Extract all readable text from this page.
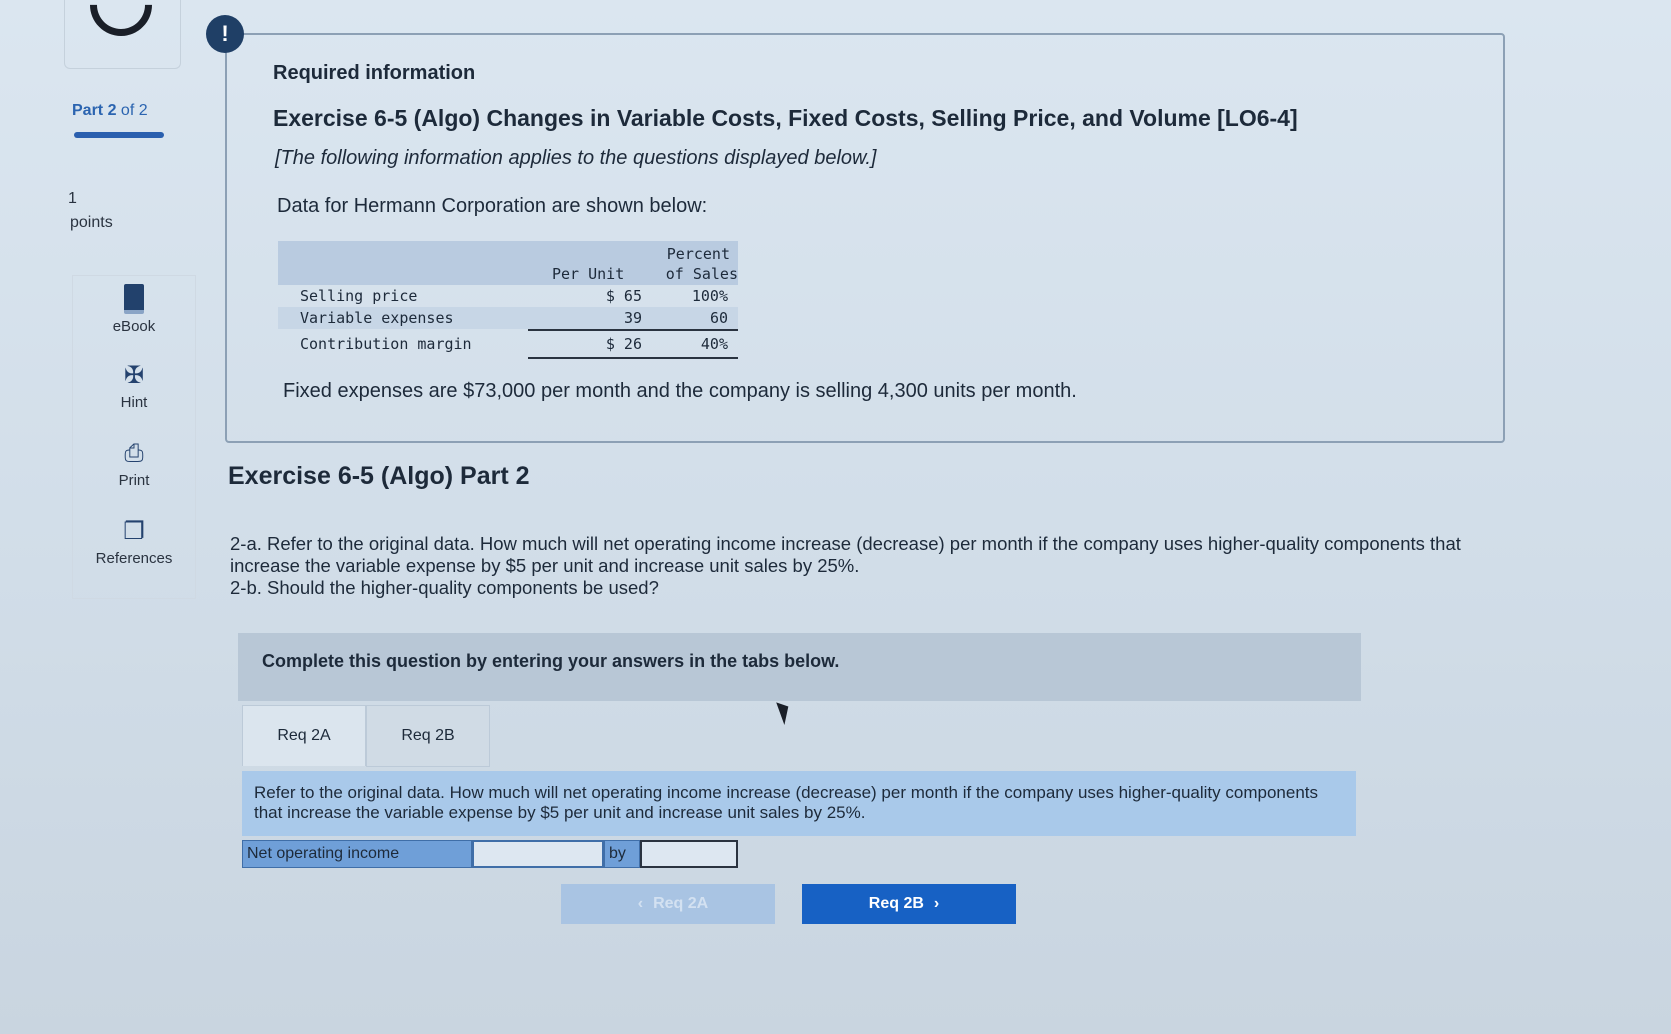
Part 2 of 2
1
points
eBook
✠
Hint
⎙
Print
❐
References
!
Required information
Exercise 6-5 (Algo) Changes in Variable Costs, Fixed Costs, Selling Price, and Volume [LO6-4]
[The following information applies to the questions displayed below.]
Data for Hermann Corporation are shown below:
Percent
Per Unit	of Sales
Selling price	$ 65	100%
Variable expenses	39	60
Contribution margin	$ 26	40%
Fixed expenses are $73,000 per month and the company is selling 4,300 units per month.
Exercise 6-5 (Algo) Part 2
2-a. Refer to the original data. How much will net operating income increase (decrease) per month if the company uses higher-quality components that increase the variable expense by $5 per unit and increase unit sales by 25%.
2-b. Should the higher-quality components be used?
Complete this question by entering your answers in the tabs below.
Req 2A	Req 2B
Refer to the original data. How much will net operating income increase (decrease) per month if the company uses higher-quality components that increase the variable expense by $5 per unit and increase unit sales by 25%.
Net operating income	by
‹ Req 2A	Req 2B ›
